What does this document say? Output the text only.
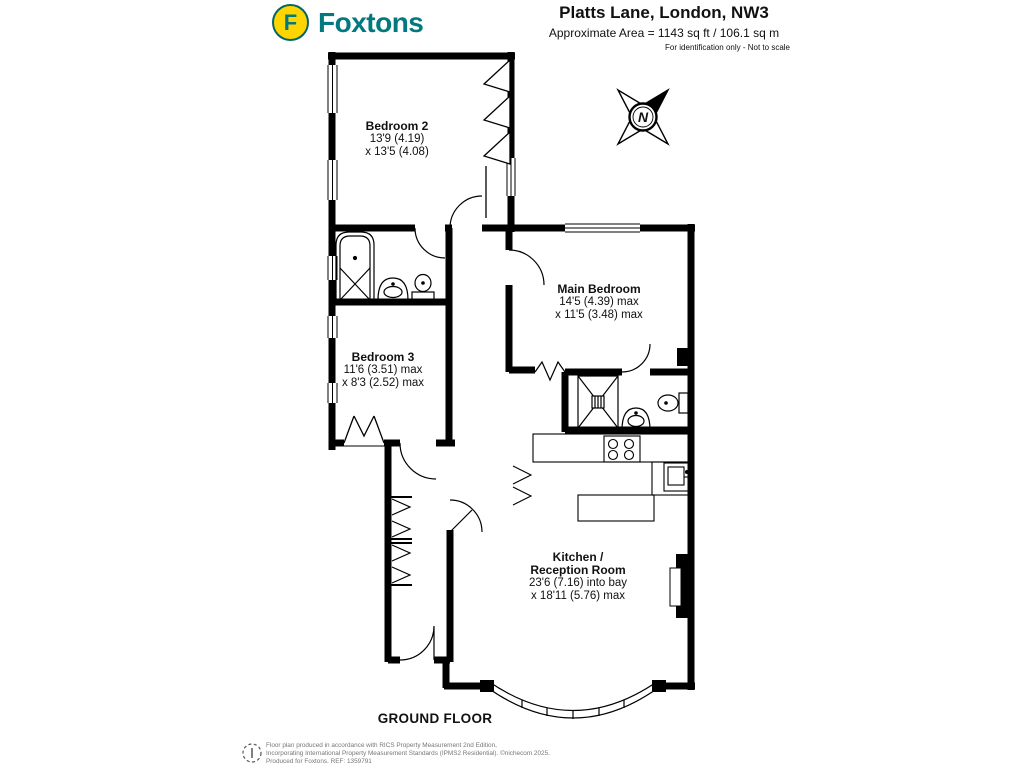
F Foxtons	Platts Lane, London, NW3
Approximate Area = 1143 sq ft / 106.1 sq m
For identification only - Not to scale
N
Bedroom 2
13'9 (4.19)
x 13'5 (4.08)
Main Bedroom
14'5 (4.39) max
x 11'5 (3.48) max
Bedroom 3
11'6 (3.51) max
x 8'3 (2.52) max
Kitchen /
Reception Room
23'6 (7.16) into bay
x 18'11 (5.76) max
GROUND FLOOR
Floor plan produced in accordance with RICS Property Measurement 2nd Edition,
Incorporating International Property Measurement Standards (IPMS2 Residential). ©nichecom 2025.
Produced for Foxtons. REF: 1359791
